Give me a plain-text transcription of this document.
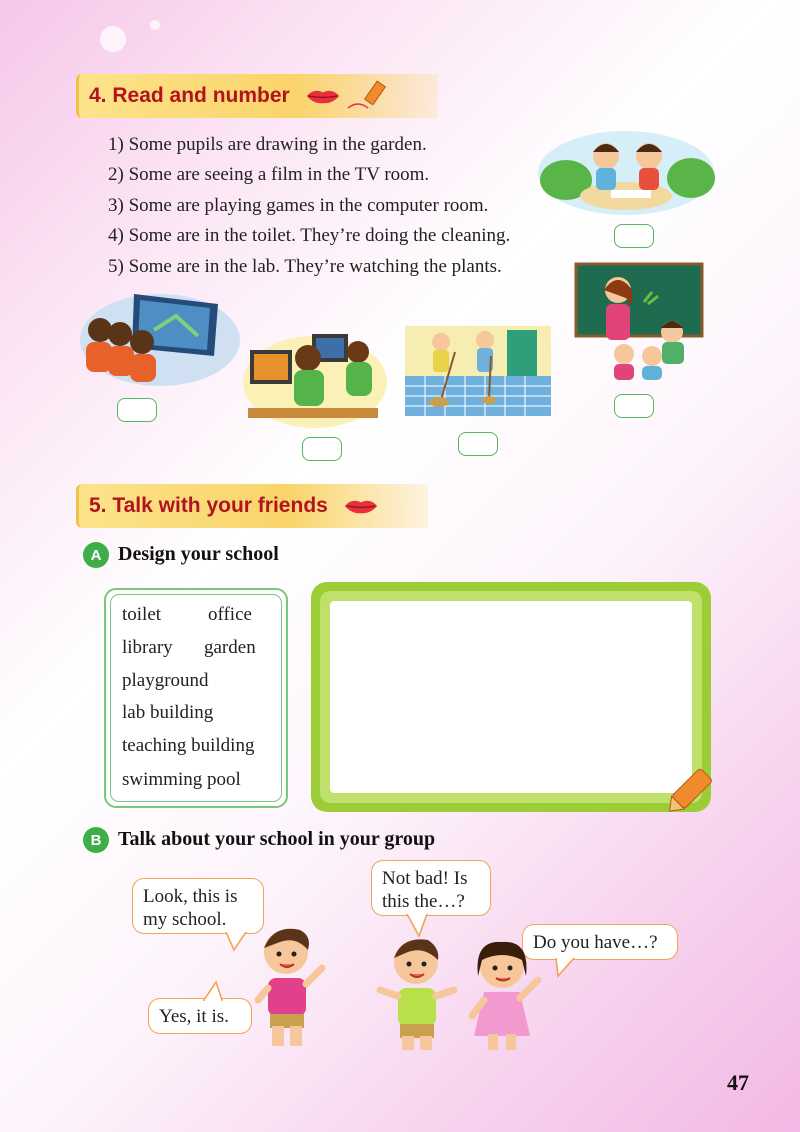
4. Read and number
1) Some pupils are drawing in the garden.
2) Some are seeing a film in the TV room.
3) Some are playing games in the computer room.
4) Some are in the toilet. They’re doing the cleaning.
5) Some are in the lab. They’re watching the plants.
5. Talk with your friends
A Design your school
toilet office
library garden
playground
lab building
teaching building
swimming pool
B Talk about your school in your group
Look, this is
my school.
Yes, it is.
Not bad! Is
this the…?
Do you have…?
47
